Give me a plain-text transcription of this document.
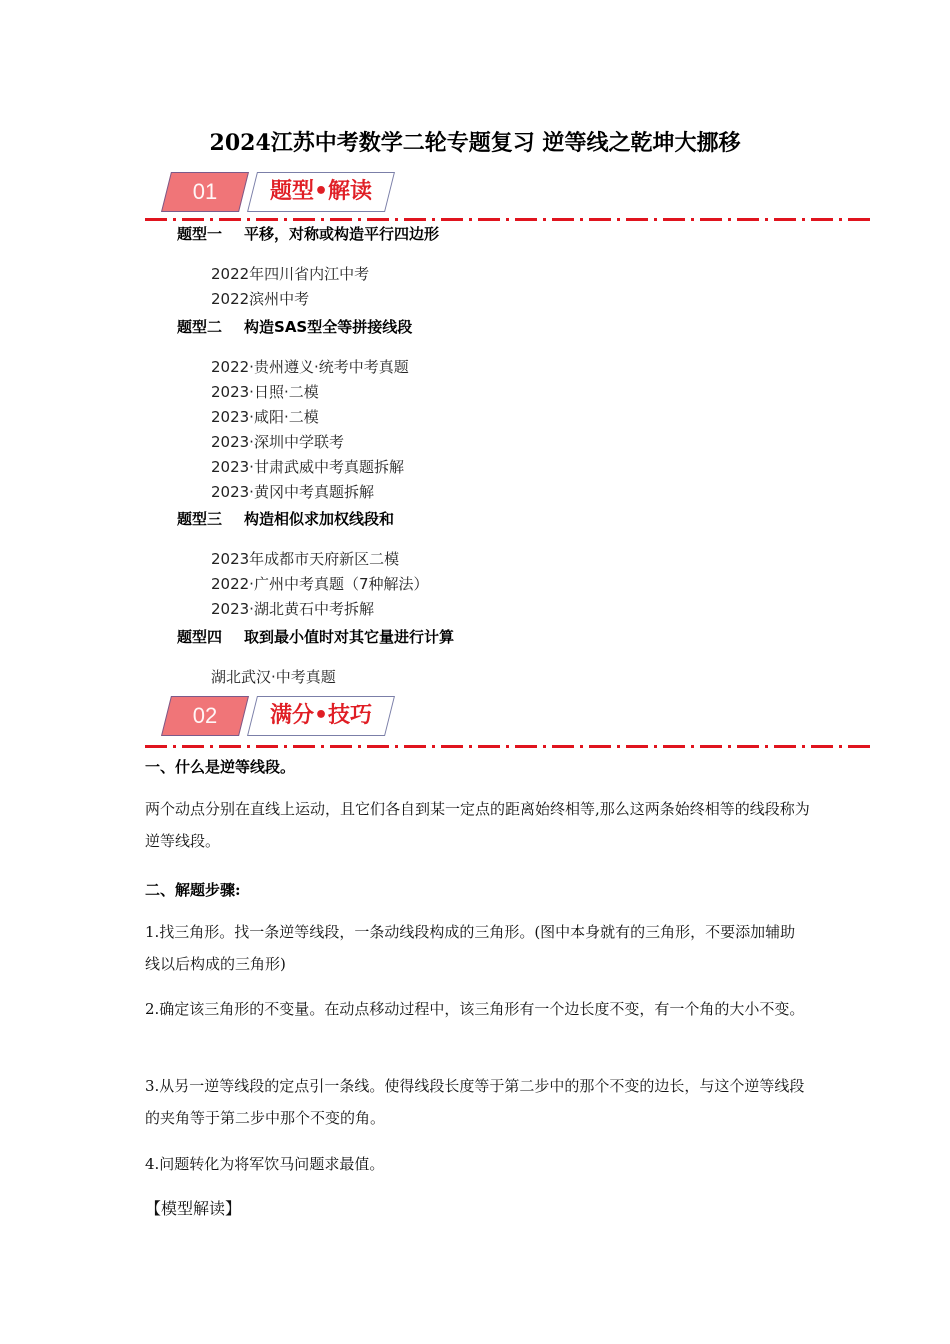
2024江苏中考数学二轮专题复习 逆等线之乾坤大挪移
01	题型•解读
题型一 平移，对称或构造平行四边形
2022年四川省内江中考
2022滨州中考
题型二 构造SAS型全等拼接线段
2022·贵州遵义·统考中考真题
2023·日照·二模
2023·咸阳·二模
2023·深圳中学联考
2023·甘肃武威中考真题拆解
2023·黄冈中考真题拆解
题型三 构造相似求加权线段和
2023年成都市天府新区二模
2022·广州中考真题（7种解法）
2023·湖北黄石中考拆解
题型四 取到最小值时对其它量进行计算
湖北武汉·中考真题
02	满分•技巧
一、什么是逆等线段。
两个动点分别在直线上运动，且它们各自到某一定点的距离始终相等,那么这两条始终相等的线段称为逆等线段。
二、解题步骤:
1.找三角形。找一条逆等线段，一条动线段构成的三角形。(图中本身就有的三角形，不要添加辅助线以后构成的三角形)
2.确定该三角形的不变量。在动点移动过程中，该三角形有一个边长度不变，有一个角的大小不变。
3.从另一逆等线段的定点引一条线。使得线段长度等于第二步中的那个不变的边长，与这个逆等线段的夹角等于第二步中那个不变的角。
4.问题转化为将军饮马问题求最值。
【模型解读】
